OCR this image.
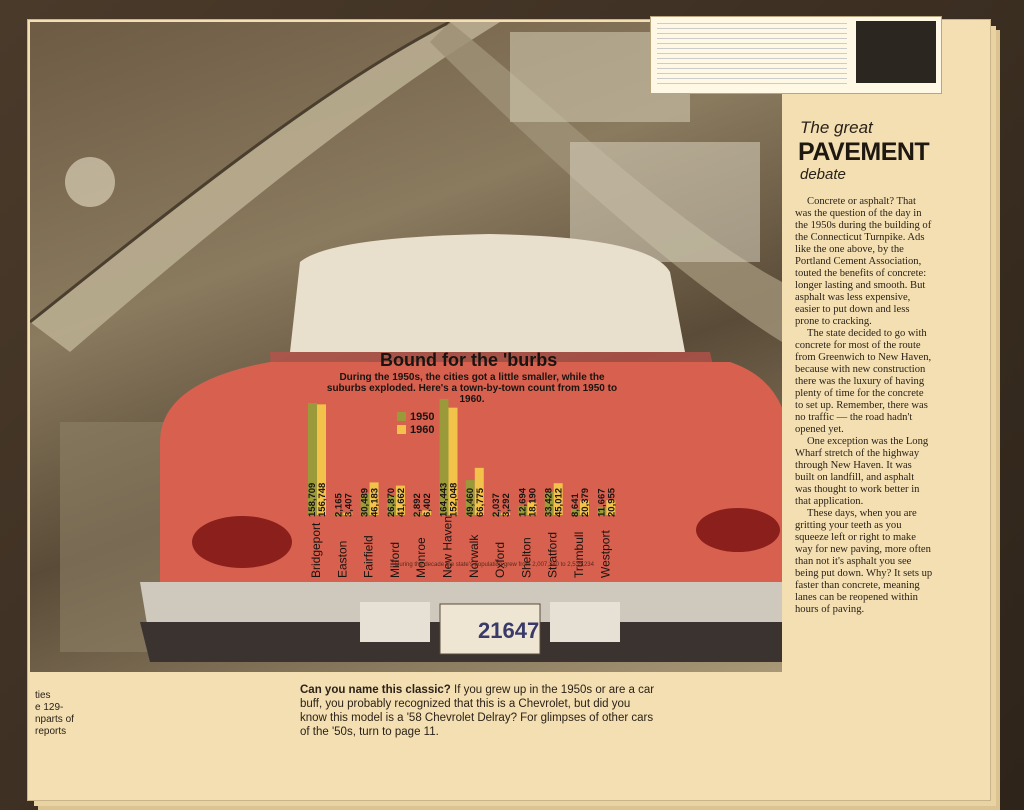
21647
The great
PAVEMENT
debate

Concrete or asphalt? That was the question of the day in the 1950s during the building of the Connecticut Turnpike. Ads like the one above, by the Portland Cement Association, touted the benefits of concrete: longer lasting and smooth. But asphalt was less expensive, easier to put down and less prone to cracking.

The state decided to go with concrete for most of the route from Greenwich to New Haven, because with new construction there was the luxury of having plenty of time for the concrete to set up. Remember, there was no traffic — the road hadn't opened yet.

One exception was the Long Wharf stretch of the highway through New Haven. It was built on landfill, and asphalt was thought to work better in that application.

These days, when you are gritting your teeth as you squeeze left or right to make way for new paving, more often than not it's asphalt you see being put down. Why? It sets up faster than concrete, meaning lanes can be reopened within hours of paving.

158,709 156,748
Bridgeport
2,165 3,407
Easton
30,489 46,183
Fairfield
26,870 41,662
Milford
2,892 6,402
Monroe
164,443 152,048
New Haven
49,460 66,775
Norwalk
2,037 3,292
Oxford
12,694 18,190
Shelton
33,428 45,012
Stratford
8,641 20,379
Trumbull
11,667 20,955
Westport
Bound for the 'burbs
During the 1950s, the cities got a little smaller, while the suburbs exploded. Here's a town-by-town count from 1950 to 1960.
1950
1960
During the decade the state's population grew from 2,007,280 to 2,535,234
Can you name this classic? If you grew up in the 1950s or are a car buff, you probably recognized that this is a Chevrolet, but did you know this model is a '58 Chevrolet Delray? For glimpses of other cars of the '50s, turn to page 11.
ties
e 129-
nparts of
reports
